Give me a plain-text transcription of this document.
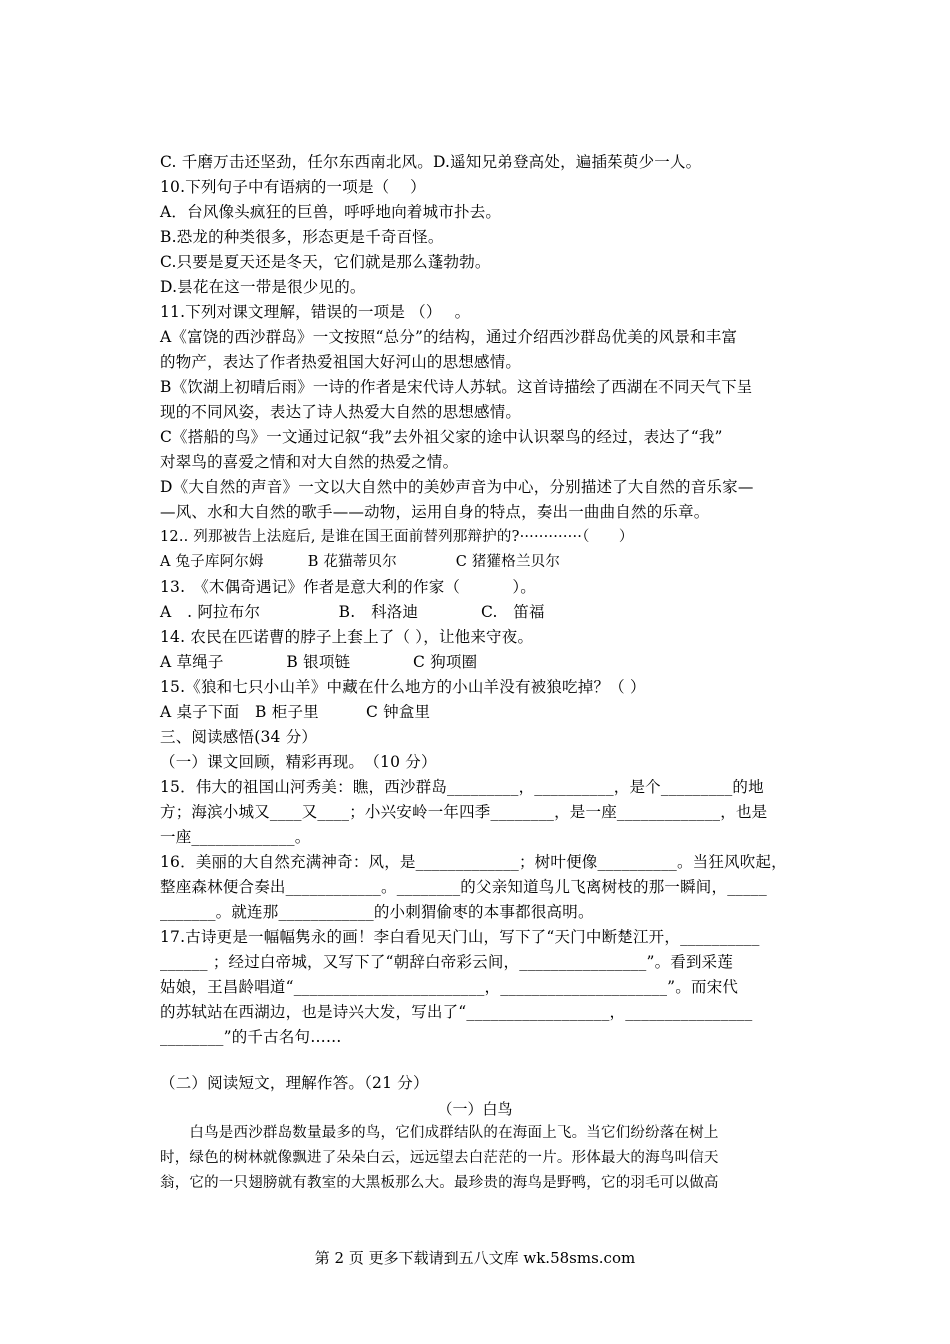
C. 千磨万击还坚劲，任尔东西南北风。D.遥知兄弟登高处，遍插茱萸少一人。
10.下列句子中有语病的一项是（　 ）
A．台风像头疯狂的巨兽，呼呼地向着城市扑去。
B.恐龙的种类很多，形态更是千奇百怪。
C.只要是夏天还是冬天，它们就是那么蓬勃勃。
D.昙花在这一带是很少见的。
11.下列对课文理解，错误的一项是 （）　 。
A《富饶的西沙群岛》一文按照“总分”的结构，通过介绍西沙群岛优美的风景和丰富
的物产，表达了作者热爱祖国大好河山的思想感情。
B《饮湖上初晴后雨》一诗的作者是宋代诗人苏轼。这首诗描绘了西湖在不同天气下呈
现的不同风姿，表达了诗人热爱大自然的思想感情。
C《搭船的鸟》一文通过记叙“我”去外祖父家的途中认识翠鸟的经过，表达了“我”
对翠鸟的喜爱之情和对大自然的热爱之情。
D《大自然的声音》一文以大自然中的美妙声音为中心，分别描述了大自然的音乐家—
—风、水和大自然的歌手——动物，运用自身的特点，奏出一曲曲自然的乐章。
12.. 列那被告上法庭后, 是谁在国王面前替列那辩护的?·············（　　）
A 兔子库阿尔姆　　　B 花猫蒂贝尔　　　　C 猪獾格兰贝尔
13.　《木偶奇遇记》作者是意大利的作家（　　　 ）。
A　. 阿拉布尔　　　　　B.　科洛迪　　　　C.　笛福
14. 农民在匹诺曹的脖子上套上了（ ），让他来守夜。
A 草绳子　　　　B 银项链　　　　C 狗项圈
15.《狼和七只小山羊》中藏在什么地方的小山羊没有被狼吃掉？（ ）
A 桌子下面　B 柜子里　　　C 钟盒里
三、阅读感悟(34 分）
（一）课文回顾，精彩再现。　（10 分）
15．伟大的祖国山河秀美：瞧，西沙群岛_________，__________，是个_________的地
方；海滨小城又____又____；小兴安岭一年四季________，是一座_____________，也是
一座_____________。
16．美丽的大自然充满神奇：风，是_____________；树叶便像__________。当狂风吹起，
整座森林便合奏出____________。________的父亲知道鸟儿飞离树枝的那一瞬间，_____
_______。就连那____________的小刺猬偷枣的本事都很高明。
17.古诗更是一幅幅隽永的画！李白看见天门山，写下了“天门中断楚江开，__________
______ ；经过白帝城，又写下了“朝辞白帝彩云间，________________”。看到采莲
姑娘，王昌龄唱道“________________________，_____________________”。而宋代
的苏轼站在西湖边，也是诗兴大发，写出了“__________________，________________
________”的千古名句……
（二）阅读短文，理解作答。（21 分）
（一）白鸟
　　白鸟是西沙群岛数量最多的鸟，它们成群结队的在海面上飞。当它们纷纷落在树上
时，绿色的树林就像飘进了朵朵白云，远远望去白茫茫的一片。形体最大的海鸟叫信天
翁，它的一只翅膀就有教室的大黑板那么大。最珍贵的海鸟是野鸭，它的羽毛可以做高
第 2 页 更多下载请到五八文库 wk.58sms.com
